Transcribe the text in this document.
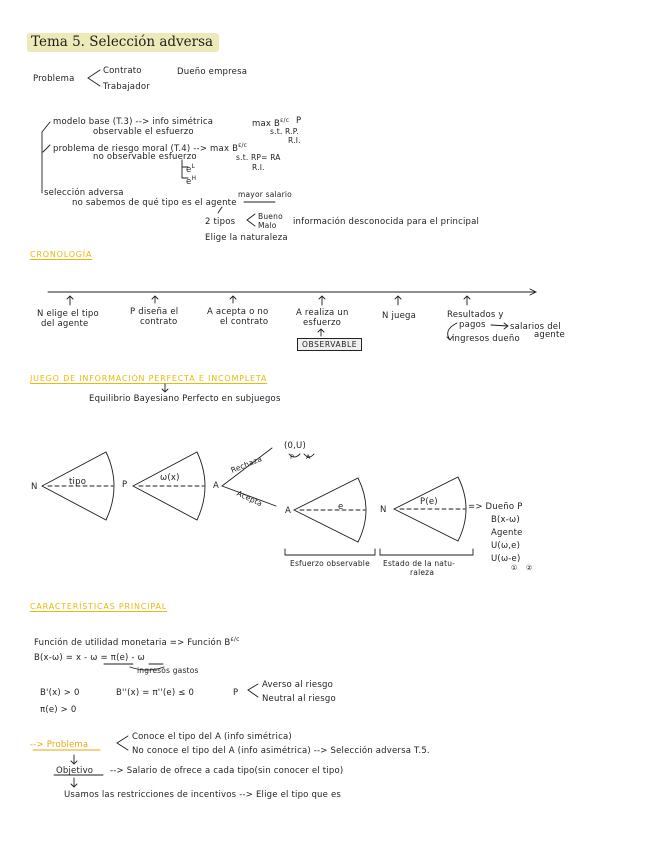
Tema 5. Selección adversa
Problema
Contrato	Dueño empresa
Trabajador
modelo base (T.3) --> info simétrica	$\max B^{\varepsilon/c}$ P
observable el esfuerzo	s.t. R.P.
R.I.
problema de riesgo moral (T.4) --> $\max B^{\varepsilon/c}$
no observable esfuerzo	s.t. RP= RA
R.I.
$e^L$
$e^H$
selección adversa
no sabemos de qué tipo es el agente
mayor salario
2 tipos
Bueno
Malo información desconocida para el principal
Elige la naturaleza
CRONOLOGÍA
N elige el tipo
del agente
P diseña el
contrato
A acepta o no
el contrato
A realiza un
esfuerzo
OBSERVABLE
N juega	Resultados y
pagos	salarios del
agente
ingresos dueño
JUEGO DE INFORMACIÓN PERFECTA E INCOMPLETA
Equilibrio Bayesiano Perfecto en subjuegos
N	tipo	P
ω(x)
A
Rechaza
Acepta
(0,U)
P A
A	e	N
P(e)	=> Dueño P
B(x-ω)
Agente
U(ω,e)
U(ω-e)
① ②
Esfuerzo observable Estado de la natu-
raleza
CARACTERÍSTICAS PRINCIPAL
Función de utilidad monetaria => Función $B^{\varepsilon/c}$
B(x-ω) = x - ω = π(e) - ω
ingresos gastos
B'(x) > 0	B''(x) = π''(e) ≤ 0	P
Averso al riesgo
Neutral al riesgo
π(e) > 0
--> Problema
Conoce el tipo del A (info simétrica)
No conoce el tipo del A (info asimétrica) --> Selección adversa T.5.
Objetivo --> Salario de ofrece a cada tipo(sin conocer el tipo)
Usamos las restricciones de incentivos --> Elige el tipo que es
